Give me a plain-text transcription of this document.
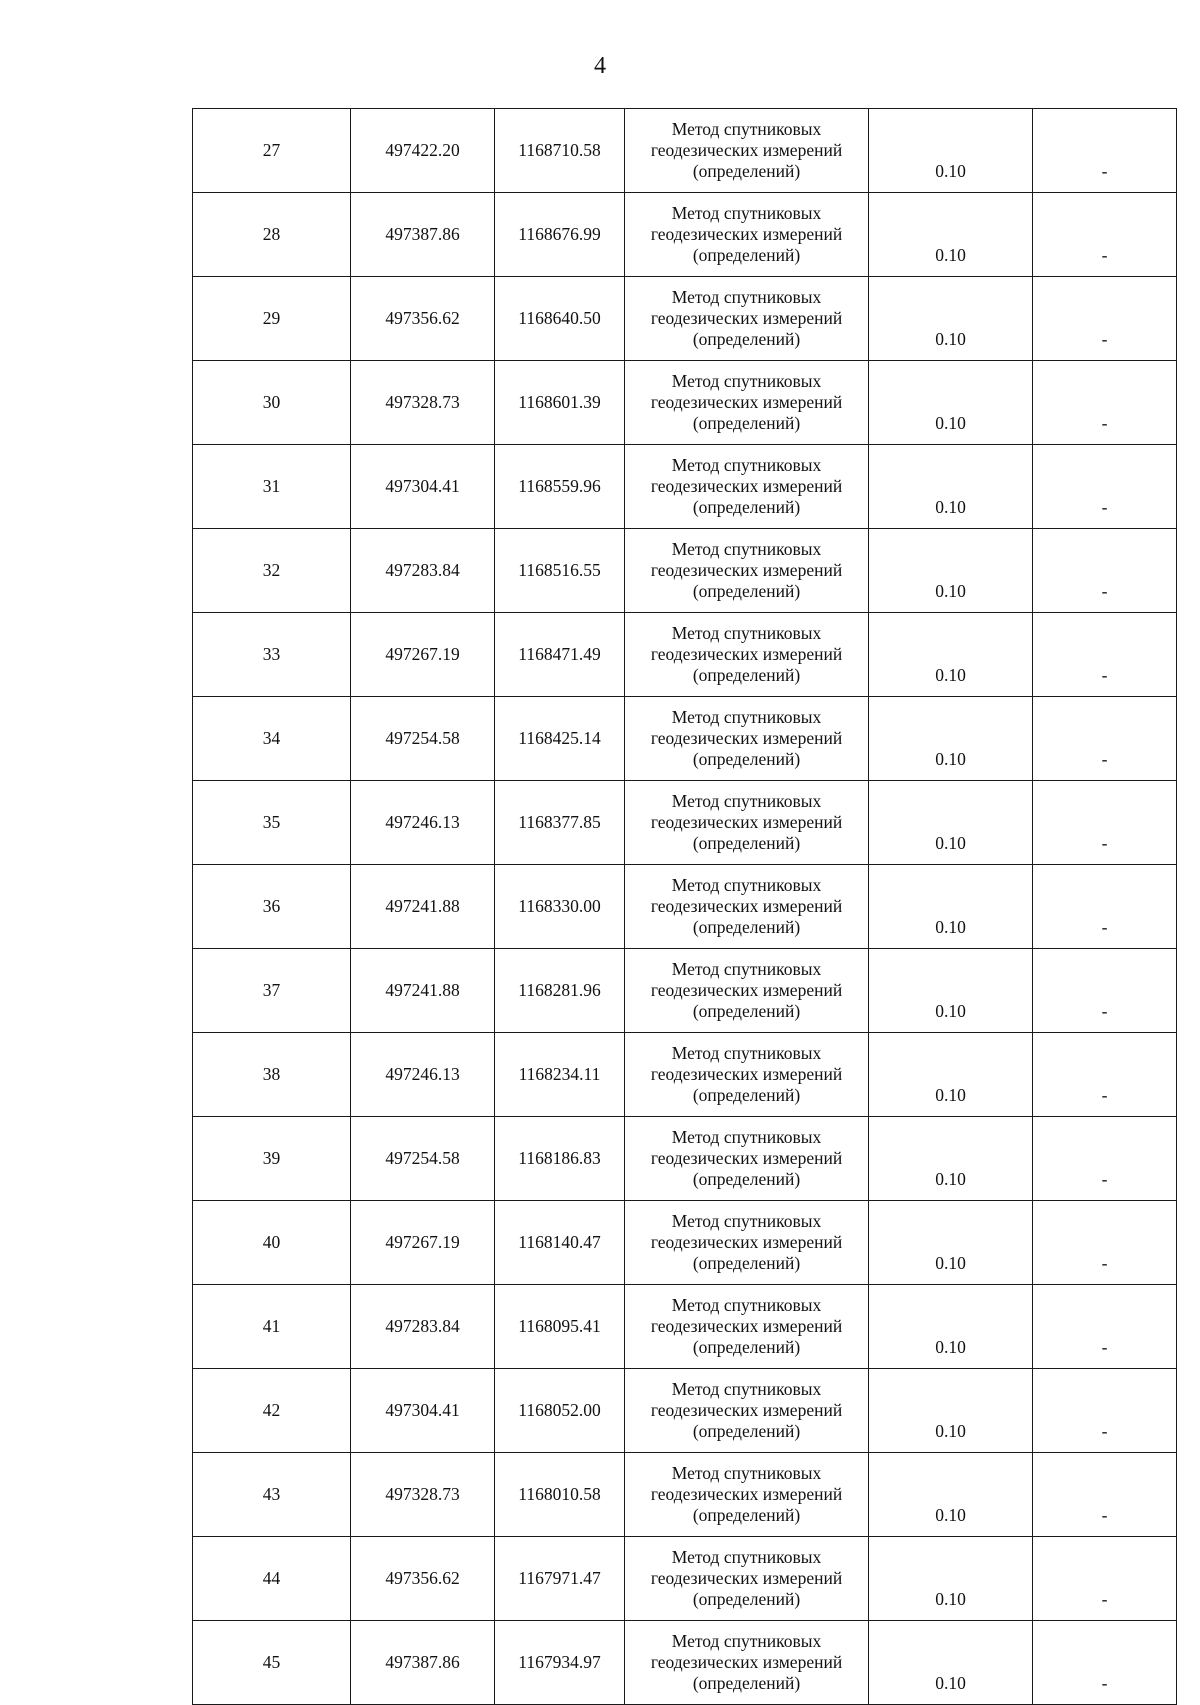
4
27	497422.20	1168710.58	Метод спутниковых
геодезических измерений
(определений)	0.10	-
28	497387.86	1168676.99	Метод спутниковых
геодезических измерений
(определений)	0.10	-
29	497356.62	1168640.50	Метод спутниковых
геодезических измерений
(определений)	0.10	-
30	497328.73	1168601.39	Метод спутниковых
геодезических измерений
(определений)	0.10	-
31	497304.41	1168559.96	Метод спутниковых
геодезических измерений
(определений)	0.10	-
32	497283.84	1168516.55	Метод спутниковых
геодезических измерений
(определений)	0.10	-
33	497267.19	1168471.49	Метод спутниковых
геодезических измерений
(определений)	0.10	-
34	497254.58	1168425.14	Метод спутниковых
геодезических измерений
(определений)	0.10	-
35	497246.13	1168377.85	Метод спутниковых
геодезических измерений
(определений)	0.10	-
36	497241.88	1168330.00	Метод спутниковых
геодезических измерений
(определений)	0.10	-
37	497241.88	1168281.96	Метод спутниковых
геодезических измерений
(определений)	0.10	-
38	497246.13	1168234.11	Метод спутниковых
геодезических измерений
(определений)	0.10	-
39	497254.58	1168186.83	Метод спутниковых
геодезических измерений
(определений)	0.10	-
40	497267.19	1168140.47	Метод спутниковых
геодезических измерений
(определений)	0.10	-
41	497283.84	1168095.41	Метод спутниковых
геодезических измерений
(определений)	0.10	-
42	497304.41	1168052.00	Метод спутниковых
геодезических измерений
(определений)	0.10	-
43	497328.73	1168010.58	Метод спутниковых
геодезических измерений
(определений)	0.10	-
44	497356.62	1167971.47	Метод спутниковых
геодезических измерений
(определений)	0.10	-
45	497387.86	1167934.97	Метод спутниковых
геодезических измерений
(определений)	0.10	-
